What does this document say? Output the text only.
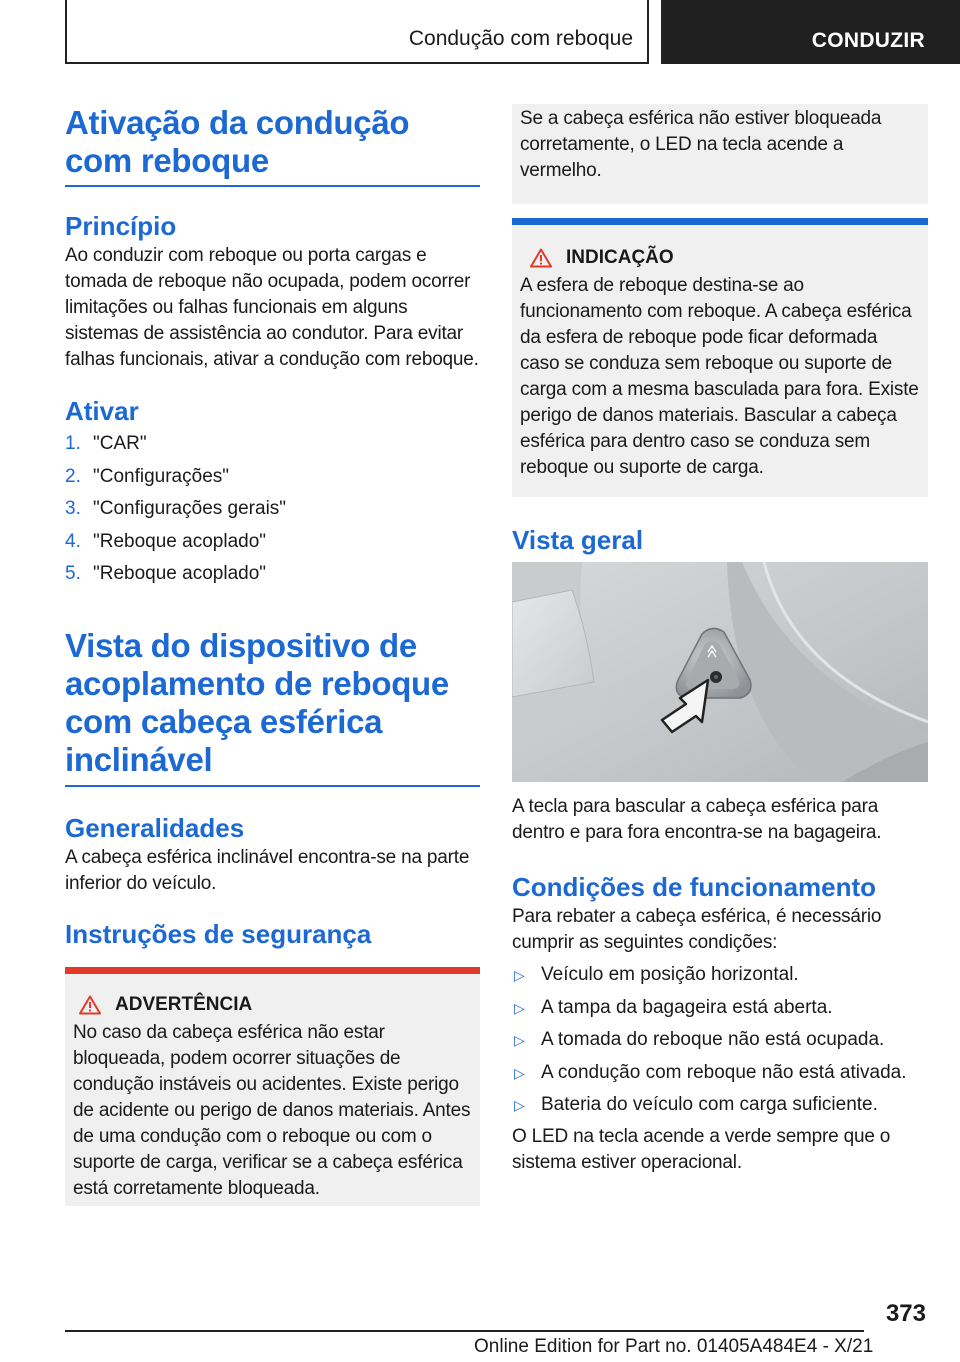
Condução com reboque	CONDUZIR
Ativação da condução com reboque
Princípio
Ao conduzir com reboque ou porta cargas e tomada de reboque não ocupada, podem ocorrer limitações ou falhas funcionais em alguns sistemas de assistência ao condutor. Para evitar falhas funcionais, ativar a condução com reboque.
Ativar
1. "CAR"
2. "Configurações"
3. "Configurações gerais"
4. "Reboque acoplado"
5. "Reboque acoplado"
Vista do dispositivo de acoplamento de reboque com cabeça esférica inclinável
Generalidades
A cabeça esférica inclinável encontra-se na parte inferior do veículo.
Instruções de segurança
ADVERTÊNCIA
No caso da cabeça esférica não estar bloqueada, podem ocorrer situações de condução instáveis ou acidentes. Existe perigo de acidente ou perigo de danos materiais. Antes de uma condução com o reboque ou com o suporte de carga, verificar se a cabeça esférica está corretamente bloqueada.
Se a cabeça esférica não estiver bloqueada corretamente, o LED na tecla acende a vermelho.
INDICAÇÃO
A esfera de reboque destina-se ao funcionamento com reboque. A cabeça esférica da esfera de reboque pode ficar deformada caso se conduza sem reboque ou suporte de carga com a mesma basculada para fora. Existe perigo de danos materiais. Bascular a cabeça esférica para dentro caso se conduza sem reboque ou suporte de carga.
Vista geral
A tecla para bascular a cabeça esférica para dentro e para fora encontra-se na bagageira.
Condições de funcionamento
Para rebater a cabeça esférica, é necessário cumprir as seguintes condições:
▷ Veículo em posição horizontal.
▷ A tampa da bagageira está aberta.
▷ A tomada do reboque não está ocupada.
▷ A condução com reboque não está ativada.
▷ Bateria do veículo com carga suficiente.
O LED na tecla acende a verde sempre que o sistema estiver operacional.
373
Online Edition for Part no. 01405A484E4 - X/21
